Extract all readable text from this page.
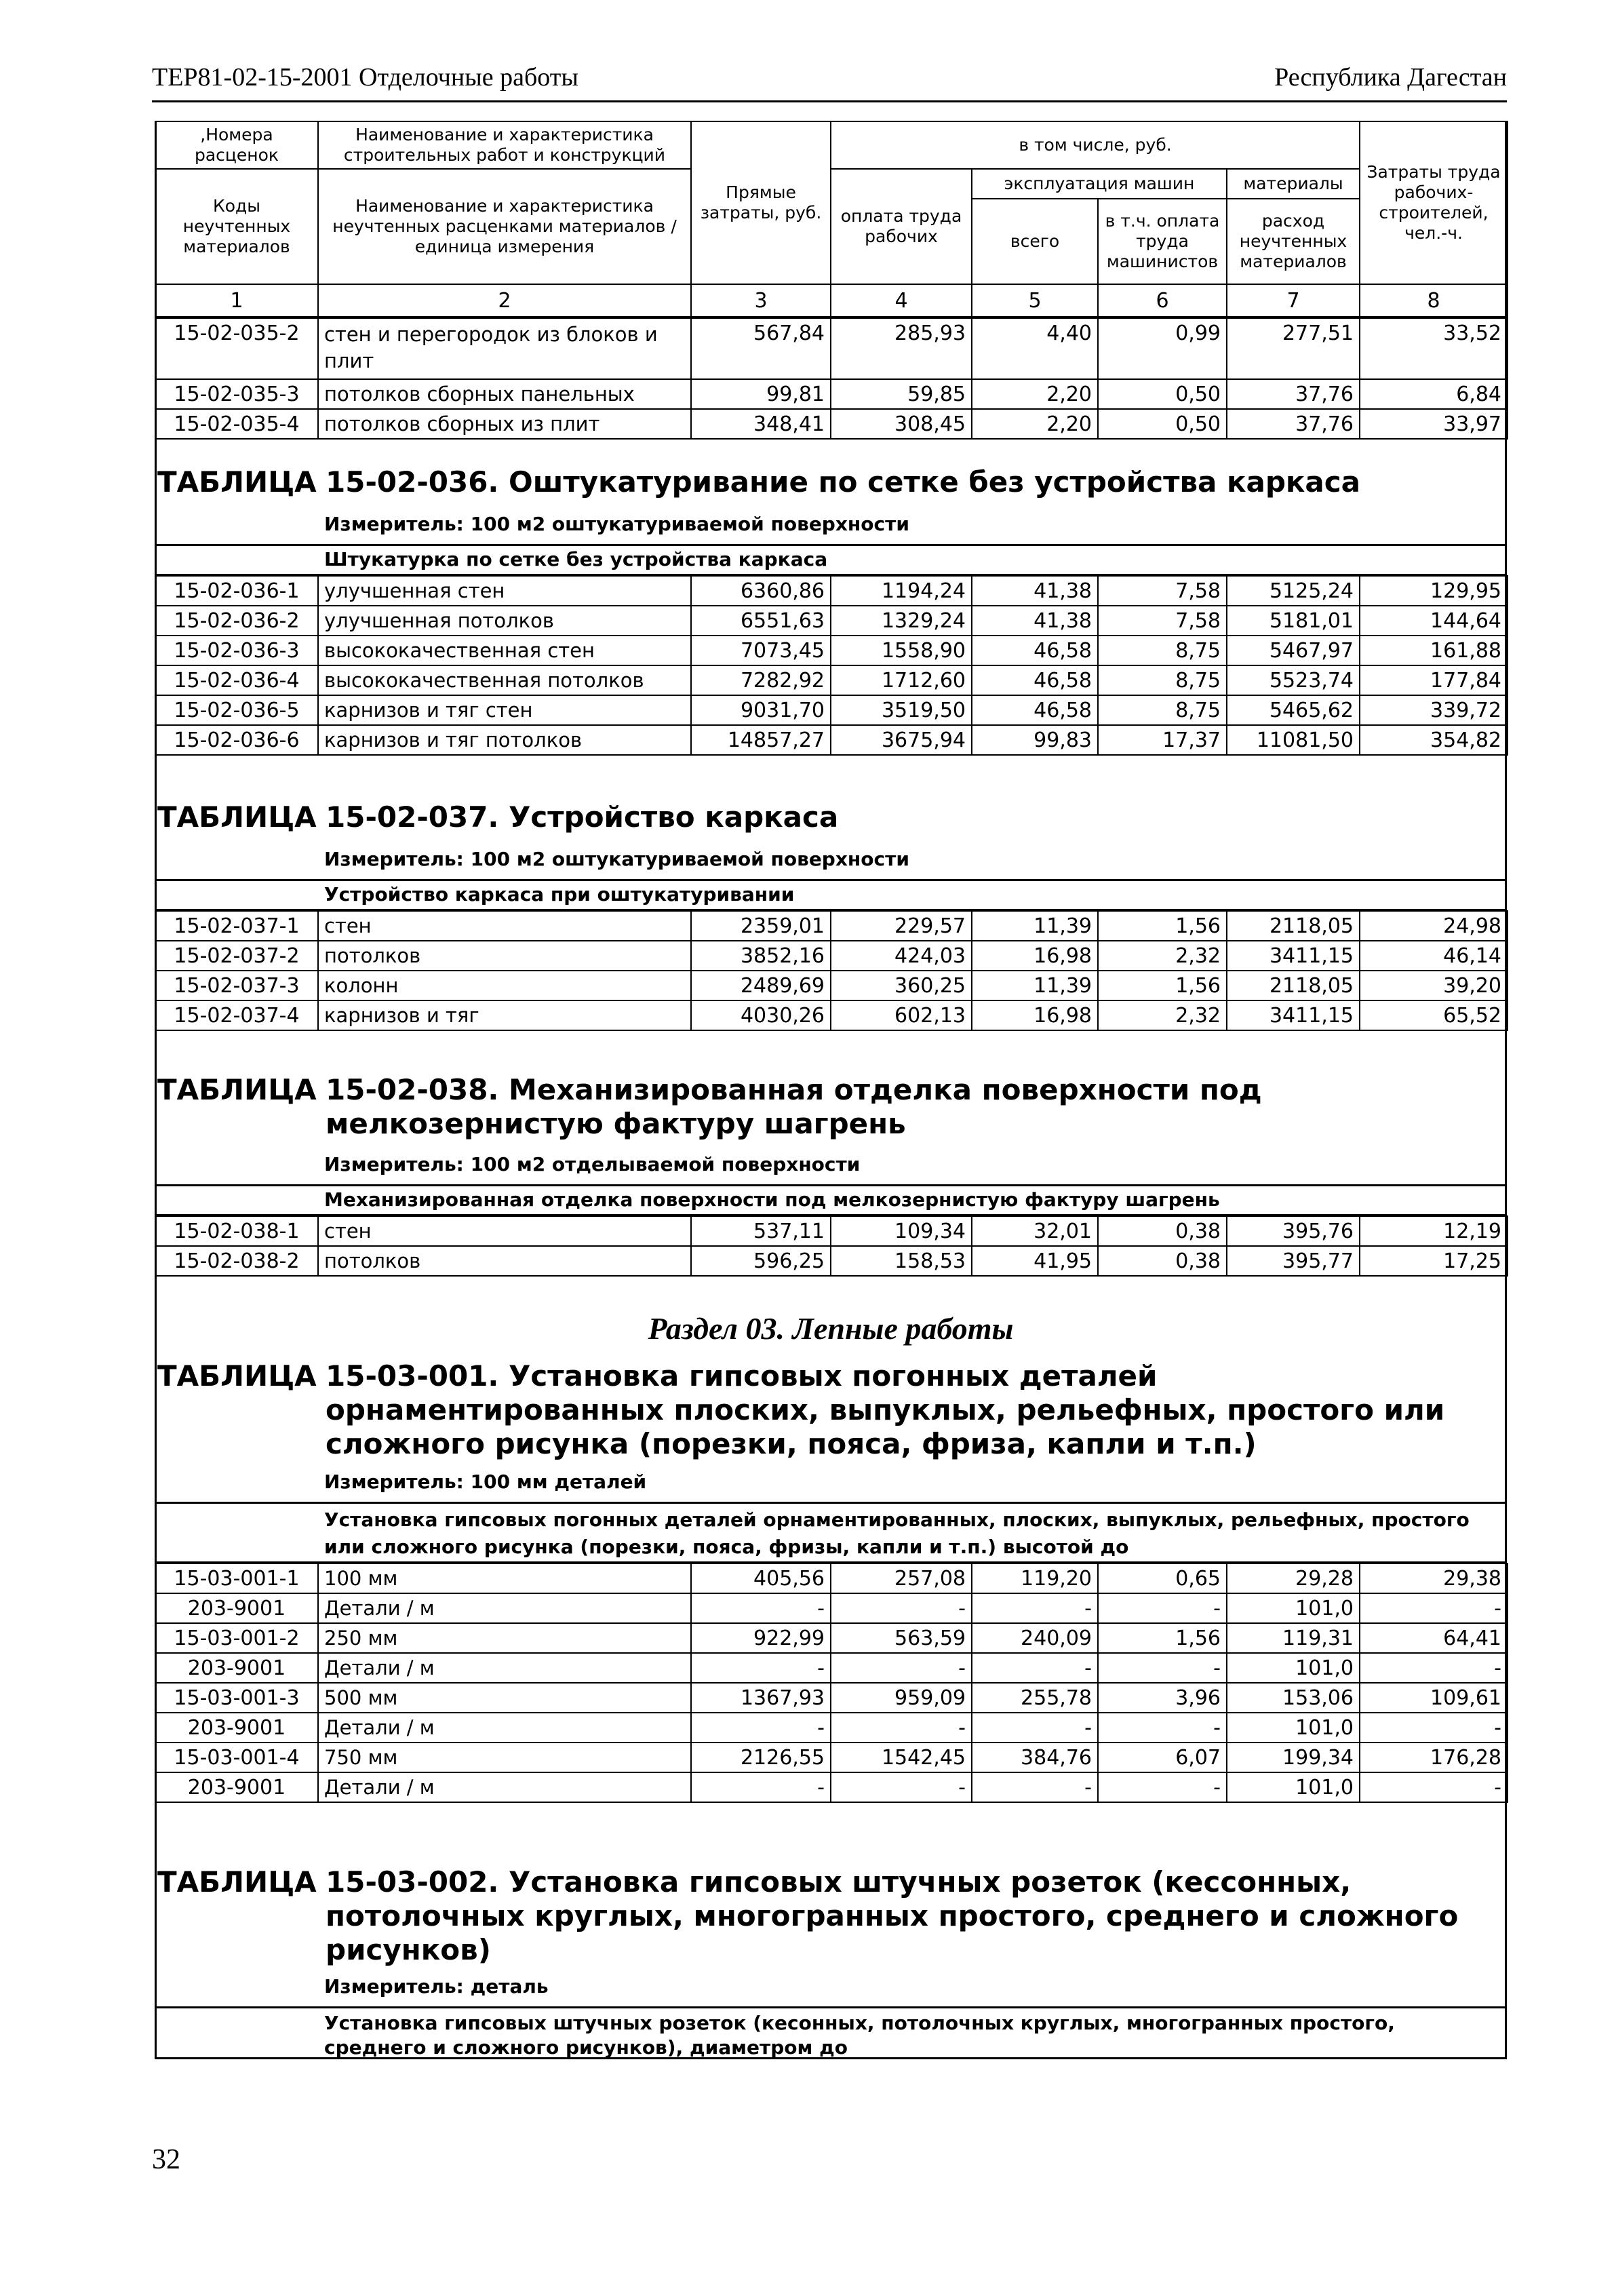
ТЕР81-02-15-2001 Отделочные работы	Республика Дагестан
,Номера расценок	Наименование и характеристика строительных работ и конструкций	Прямые затраты, руб.	в том числе, руб.				Затраты труда рабочих-строителей, чел.-ч.
Коды неучтенных материалов	Наименование и характеристика неучтенных расценками материалов / единица измерения		оплата труда рабочих	эксплуатация машин		материалы	
				всего	в т.ч. оплата труда машинистов	расход неучтенных материалов	
1	2	3	4	5	6	7	8
15-02-035-2	стен и перегородок из блоков и плит	567,84	285,93	4,40	0,99	277,51	33,52
15-02-035-3	потолков сборных панельных	99,81	59,85	2,20	0,50	37,76	6,84
15-02-035-4	потолков сборных из плит	348,41	308,45	2,20	0,50	37,76	33,97
ТАБЛИЦА 15-02-036. Оштукатуривание по сетке без устройства каркаса
Измеритель: 100 м2 оштукатуриваемой поверхности
Штукатурка по сетке без устройства каркаса
15-02-036-1	улучшенная стен	6360,86	1194,24	41,38	7,58	5125,24	129,95
15-02-036-2	улучшенная потолков	6551,63	1329,24	41,38	7,58	5181,01	144,64
15-02-036-3	высококачественная стен	7073,45	1558,90	46,58	8,75	5467,97	161,88
15-02-036-4	высококачественная потолков	7282,92	1712,60	46,58	8,75	5523,74	177,84
15-02-036-5	карнизов и тяг стен	9031,70	3519,50	46,58	8,75	5465,62	339,72
15-02-036-6	карнизов и тяг потолков	14857,27	3675,94	99,83	17,37	11081,50	354,82
ТАБЛИЦА 15-02-037. Устройство каркаса
Измеритель: 100 м2 оштукатуриваемой поверхности
Устройство каркаса при оштукатуривании
15-02-037-1	стен	2359,01	229,57	11,39	1,56	2118,05	24,98
15-02-037-2	потолков	3852,16	424,03	16,98	2,32	3411,15	46,14
15-02-037-3	колонн	2489,69	360,25	11,39	1,56	2118,05	39,20
15-02-037-4	карнизов и тяг	4030,26	602,13	16,98	2,32	3411,15	65,52
ТАБЛИЦА 15-02-038. Механизированная отделка поверхности под мелкозернистую фактуру шагрень
Измеритель: 100 м2 отделываемой поверхности
Механизированная отделка поверхности под мелкозернистую фактуру шагрень
15-02-038-1	стен	537,11	109,34	32,01	0,38	395,76	12,19
15-02-038-2	потолков	596,25	158,53	41,95	0,38	395,77	17,25
Раздел 03. Лепные работы
ТАБЛИЦА 15-03-001. Установка гипсовых погонных деталей орнаментированных плоских, выпуклых, рельефных, простого или сложного рисунка (порезки, пояса, фриза, капли и т.п.)
Измеритель: 100 мм деталей
Установка гипсовых погонных деталей орнаментированных, плоских, выпуклых, рельефных, простого или сложного рисунка (порезки, пояса, фризы, капли и т.п.) высотой до
15-03-001-1	100 мм	405,56	257,08	119,20	0,65	29,28	29,38
203-9001	Детали / м	-	-	-	-	101,0	-
15-03-001-2	250 мм	922,99	563,59	240,09	1,56	119,31	64,41
203-9001	Детали / м	-	-	-	-	101,0	-
15-03-001-3	500 мм	1367,93	959,09	255,78	3,96	153,06	109,61
203-9001	Детали / м	-	-	-	-	101,0	-
15-03-001-4	750 мм	2126,55	1542,45	384,76	6,07	199,34	176,28
203-9001	Детали / м	-	-	-	-	101,0	-
ТАБЛИЦА 15-03-002. Установка гипсовых штучных розеток (кессонных, потолочных круглых, многогранных простого, среднего и сложного рисунков)
Измеритель: деталь
Установка гипсовых штучных розеток (кесонных, потолочных круглых, многогранных простого, среднего и сложного рисунков), диаметром до
32
